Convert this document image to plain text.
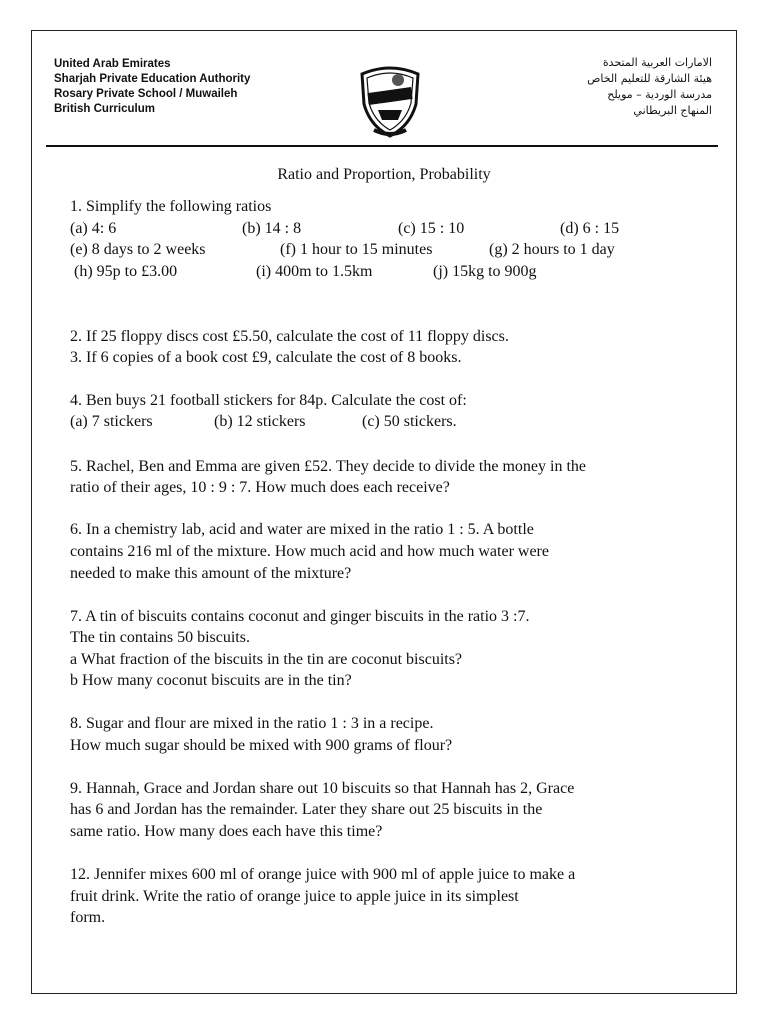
United Arab Emirates
Sharjah Private Education Authority
Rosary Private School / Muwaileh
British Curriculum
الامارات العربية المتحدة
هيئة الشارقة للتعليم الخاص
مدرسة الوردية – مويلح
المنهاج البريطاني
Ratio and Proportion, Probability
1. Simplify the following ratios
(a) 4: 6	(b) 14 : 8	(c) 15 : 10	(d) 6 : 15
(e) 8 days to 2 weeks	(f) 1 hour to 15 minutes	(g) 2 hours to 1 day
(h) 95p to £3.00	(i) 400m to 1.5km	(j) 15kg to 900g
2. If 25 floppy discs cost £5.50, calculate the cost of 11 floppy discs.
3. If 6 copies of a book cost £9, calculate the cost of 8 books.
4. Ben buys 21 football stickers for 84p. Calculate the cost of:
(a) 7 stickers	(b) 12 stickers	(c) 50 stickers.
5. Rachel, Ben and Emma are given £52. They decide to divide the money in the
ratio of their ages, 10 : 9 : 7. How much does each receive?
6. In a chemistry lab, acid and water are mixed in the ratio 1 : 5. A bottle
contains 216 ml of the mixture. How much acid and how much water were
needed to make this amount of the mixture?
7. A tin of biscuits contains coconut and ginger biscuits in the ratio 3 :7.
The tin contains 50 biscuits.
a What fraction of the biscuits in the tin are coconut biscuits?
b How many coconut biscuits are in the tin?
8. Sugar and flour are mixed in the ratio 1 : 3 in a recipe.
How much sugar should be mixed with 900 grams of flour?
9. Hannah, Grace and Jordan share out 10 biscuits so that Hannah has 2, Grace
has 6 and Jordan has the remainder. Later they share out 25 biscuits in the
same ratio. How many does each have this time?
12. Jennifer mixes 600 ml of orange juice with 900 ml of apple juice to make a
fruit drink. Write the ratio of orange juice to apple juice in its simplest
form.
